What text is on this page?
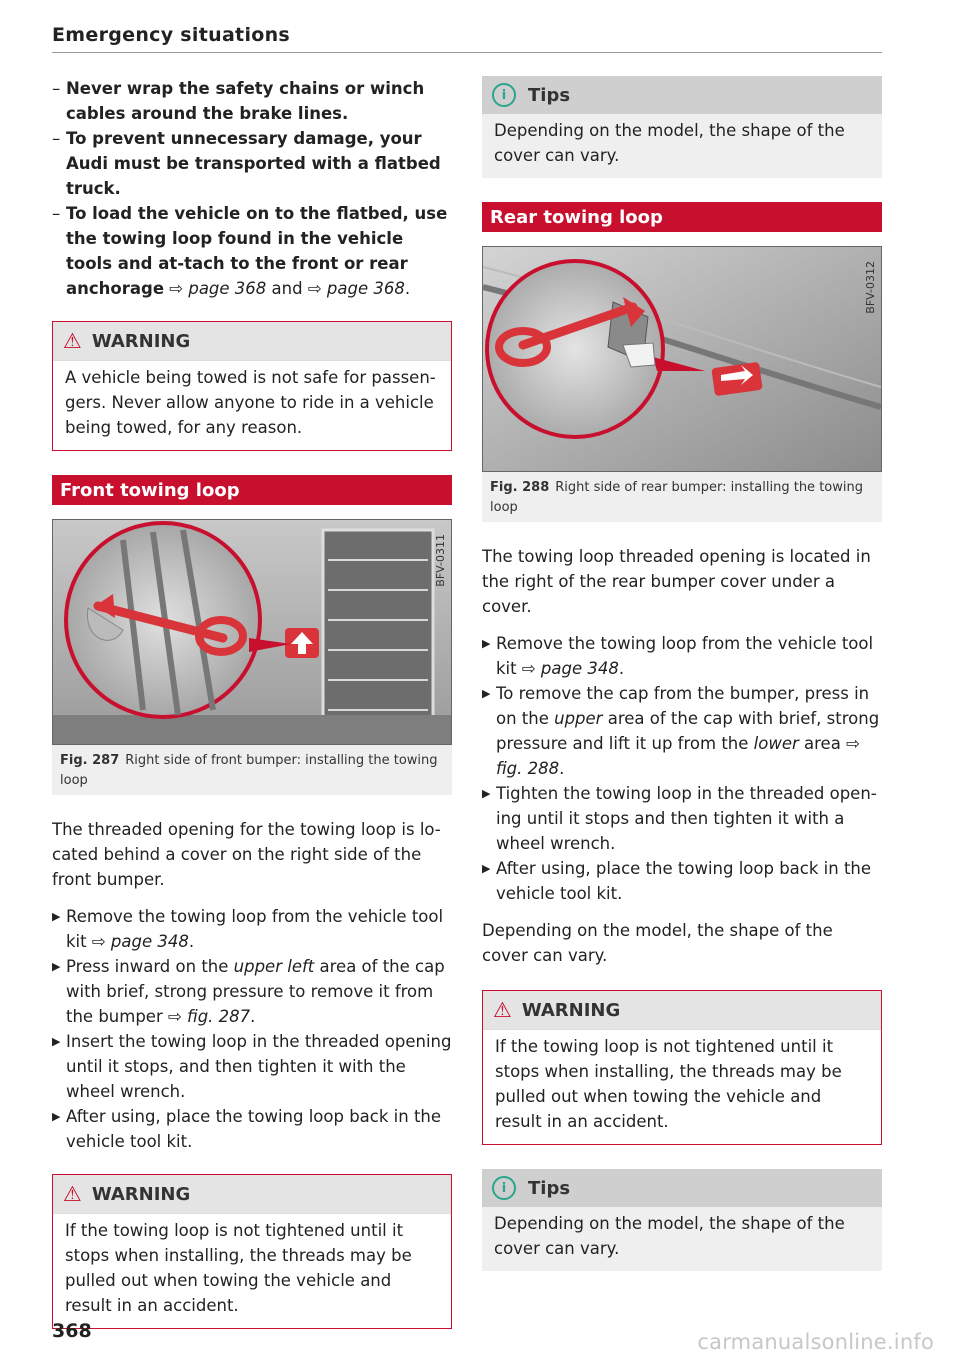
Emergency situations
– Never wrap the safety chains or winch cables around the brake lines.
– To prevent unnecessary damage, your Audi must be transported with a flatbed truck.
– To load the vehicle on to the flatbed, use the towing loop found in the vehicle tools and at-tach to the front or rear anchorage ⇨ page 368 and ⇨ page 368.
⚠ WARNING

A vehicle being towed is not safe for passen-gers. Never allow anyone to ride in a vehicle being towed, for any reason.

Front towing loop
BFV-0311
Fig. 287 Right side of front bumper: installing the towing loop

The threaded opening for the towing loop is lo-cated behind a cover on the right side of the front bumper.

▶ Remove the towing loop from the vehicle tool kit ⇨ page 348.
▶ Press inward on the upper left area of the cap with brief, strong pressure to remove it from the bumper ⇨ fig. 287.
▶ Insert the towing loop in the threaded opening until it stops, and then tighten it with the wheel wrench.
▶ After using, place the towing loop back in the vehicle tool kit.
⚠ WARNING

If the towing loop is not tightened until it stops when installing, the threads may be pulled out when towing the vehicle and result in an accident.

i	Tips

Depending on the model, the shape of the cover can vary.

Rear towing loop
BFV-0312
Fig. 288 Right side of rear bumper: installing the towing loop

The towing loop threaded opening is located in the right of the rear bumper cover under a cover.

▶ Remove the towing loop from the vehicle tool kit ⇨ page 348.
▶ To remove the cap from the bumper, press in on the upper area of the cap with brief, strong pressure and lift it up from the lower area ⇨ fig. 288.
▶ Tighten the towing loop in the threaded open-ing until it stops and then tighten it with a wheel wrench.
▶ After using, place the towing loop back in the vehicle tool kit.

Depending on the model, the shape of the cover can vary.

⚠ WARNING

If the towing loop is not tightened until it stops when installing, the threads may be pulled out when towing the vehicle and result in an accident.

i	Tips

Depending on the model, the shape of the cover can vary.

368	carmanualsonline.info
